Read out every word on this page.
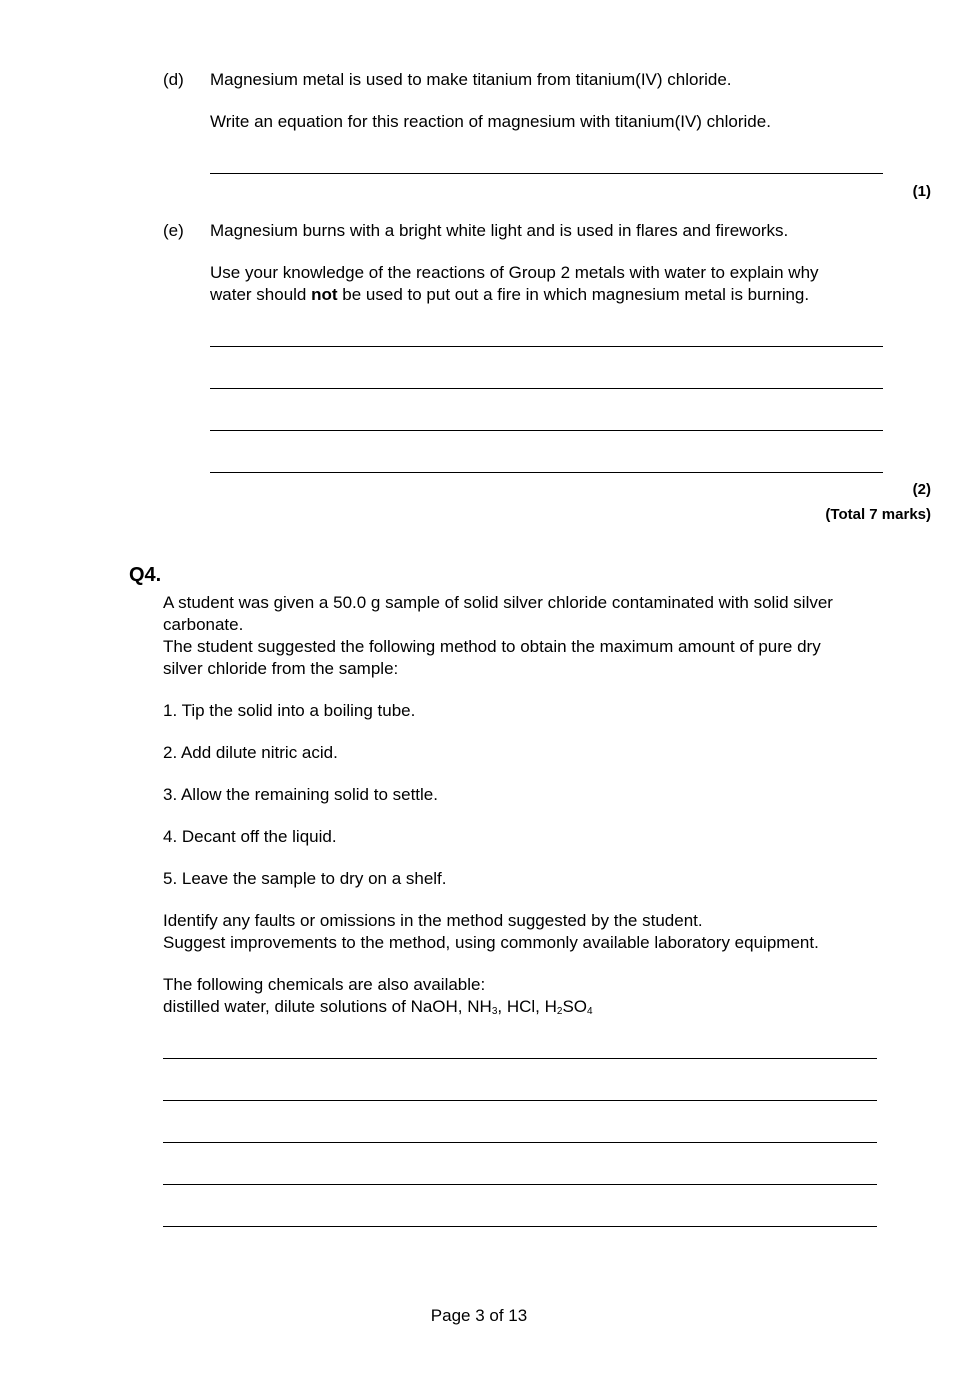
(d) Magnesium metal is used to make titanium from titanium(IV) chloride.
Write an equation for this reaction of magnesium with titanium(IV) chloride.
(1)
(e) Magnesium burns with a bright white light and is used in flares and fireworks.
Use your knowledge of the reactions of Group 2 metals with water to explain why
water should not be used to put out a fire in which magnesium metal is burning.
(2)
(Total 7 marks)
Q4.
A student was given a 50.0 g sample of solid silver chloride contaminated with solid silver
carbonate.
The student suggested the following method to obtain the maximum amount of pure dry
silver chloride from the sample:
1. Tip the solid into a boiling tube.
2. Add dilute nitric acid.
3. Allow the remaining solid to settle.
4. Decant off the liquid.
5. Leave the sample to dry on a shelf.
Identify any faults or omissions in the method suggested by the student.
Suggest improvements to the method, using commonly available laboratory equipment.
The following chemicals are also available:
distilled water, dilute solutions of NaOH, $NH_3$, HCl, $H_2SO_4$
Page 3 of 13
